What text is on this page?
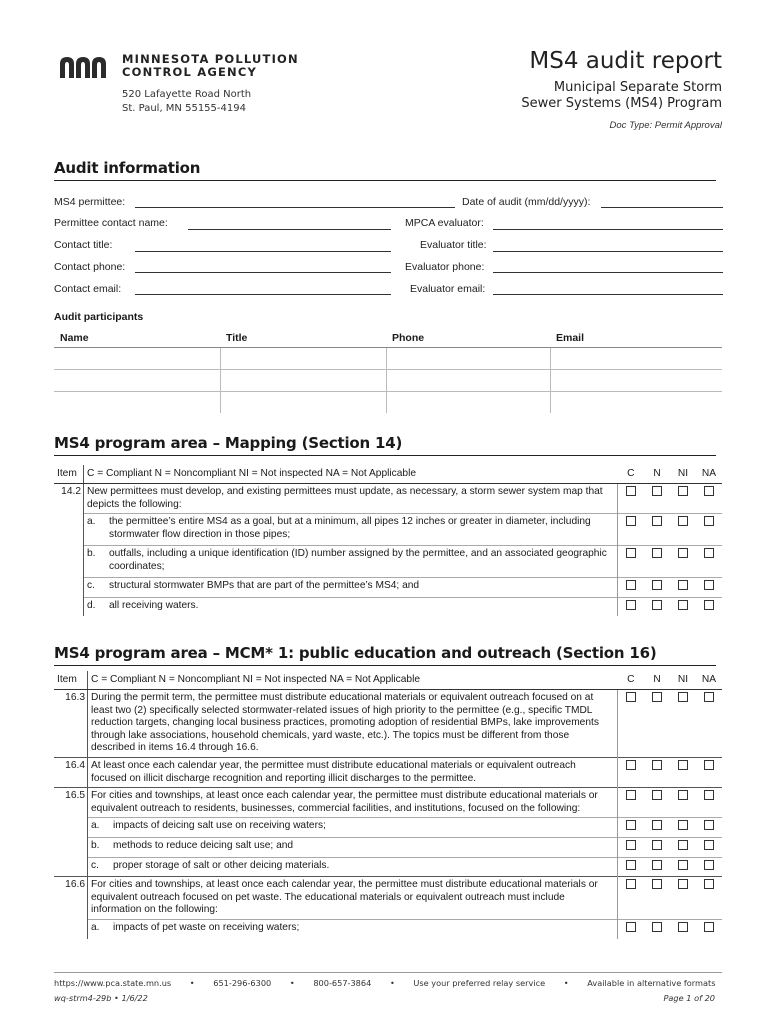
MINNESOTA POLLUTION
CONTROL AGENCY
520 Lafayette Road North
St. Paul, MN 55155-4194
MS4 audit report
Municipal Separate Storm
Sewer Systems (MS4) Program
Doc Type: Permit Approval
Audit information
MS4 permittee:	Date of audit (mm/dd/yyyy):
Permittee contact name:	MPCA evaluator:
Contact title:	Evaluator title:
Contact phone:	Evaluator phone:
Contact email:	Evaluator email:
Audit participants
Name	Title	Phone	Email

MS4 program area – Mapping (Section 14)
Item	C = Compliant N = Noncompliant NI = Not inspected NA = Not Applicable	C	N	NI	NA
14.2	New permittees must develop, and existing permittees must update, as necessary, a storm sewer system map that depicts the following:				
	a. the permittee’s entire MS4 as a goal, but at a minimum, all pipes 12 inches or greater in diameter, including stormwater flow direction in those pipes;				
	b. outfalls, including a unique identification (ID) number assigned by the permittee, and an associated geographic coordinates;				
	c. structural stormwater BMPs that are part of the permittee’s MS4; and				
	d. all receiving waters.				
MS4 program area – MCM* 1: public education and outreach (Section 16)
Item	C = Compliant N = Noncompliant NI = Not inspected NA = Not Applicable	C	N	NI	NA
16.3	During the permit term, the permittee must distribute educational materials or equivalent outreach focused on at least two (2) specifically selected stormwater-related issues of high priority to the permittee (e.g., specific TMDL reduction targets, changing local business practices, promoting adoption of residential BMPs, lake improvements through lake associations, household chemicals, yard waste, etc.). The topics must be different from those described in items 16.4 through 16.6.				
16.4	At least once each calendar year, the permittee must distribute educational materials or equivalent outreach focused on illicit discharge recognition and reporting illicit discharges to the permittee.				
16.5	For cities and townships, at least once each calendar year, the permittee must distribute educational materials or equivalent outreach to residents, businesses, commercial facilities, and institutions, focused on the following:				
	a. impacts of deicing salt use on receiving waters;				
	b. methods to reduce deicing salt use; and				
	c. proper storage of salt or other deicing materials.				
16.6	For cities and townships, at least once each calendar year, the permittee must distribute educational materials or equivalent outreach focused on pet waste. The educational materials or equivalent outreach must include information on the following:				
	a. impacts of pet waste on receiving waters;				
https://www.pca.state.mn.us • 651-296-6300 • 800-657-3864 • Use your preferred relay service • Available in alternative formats
wq-strm4-29b • 1/6/22	Page 1 of 20
